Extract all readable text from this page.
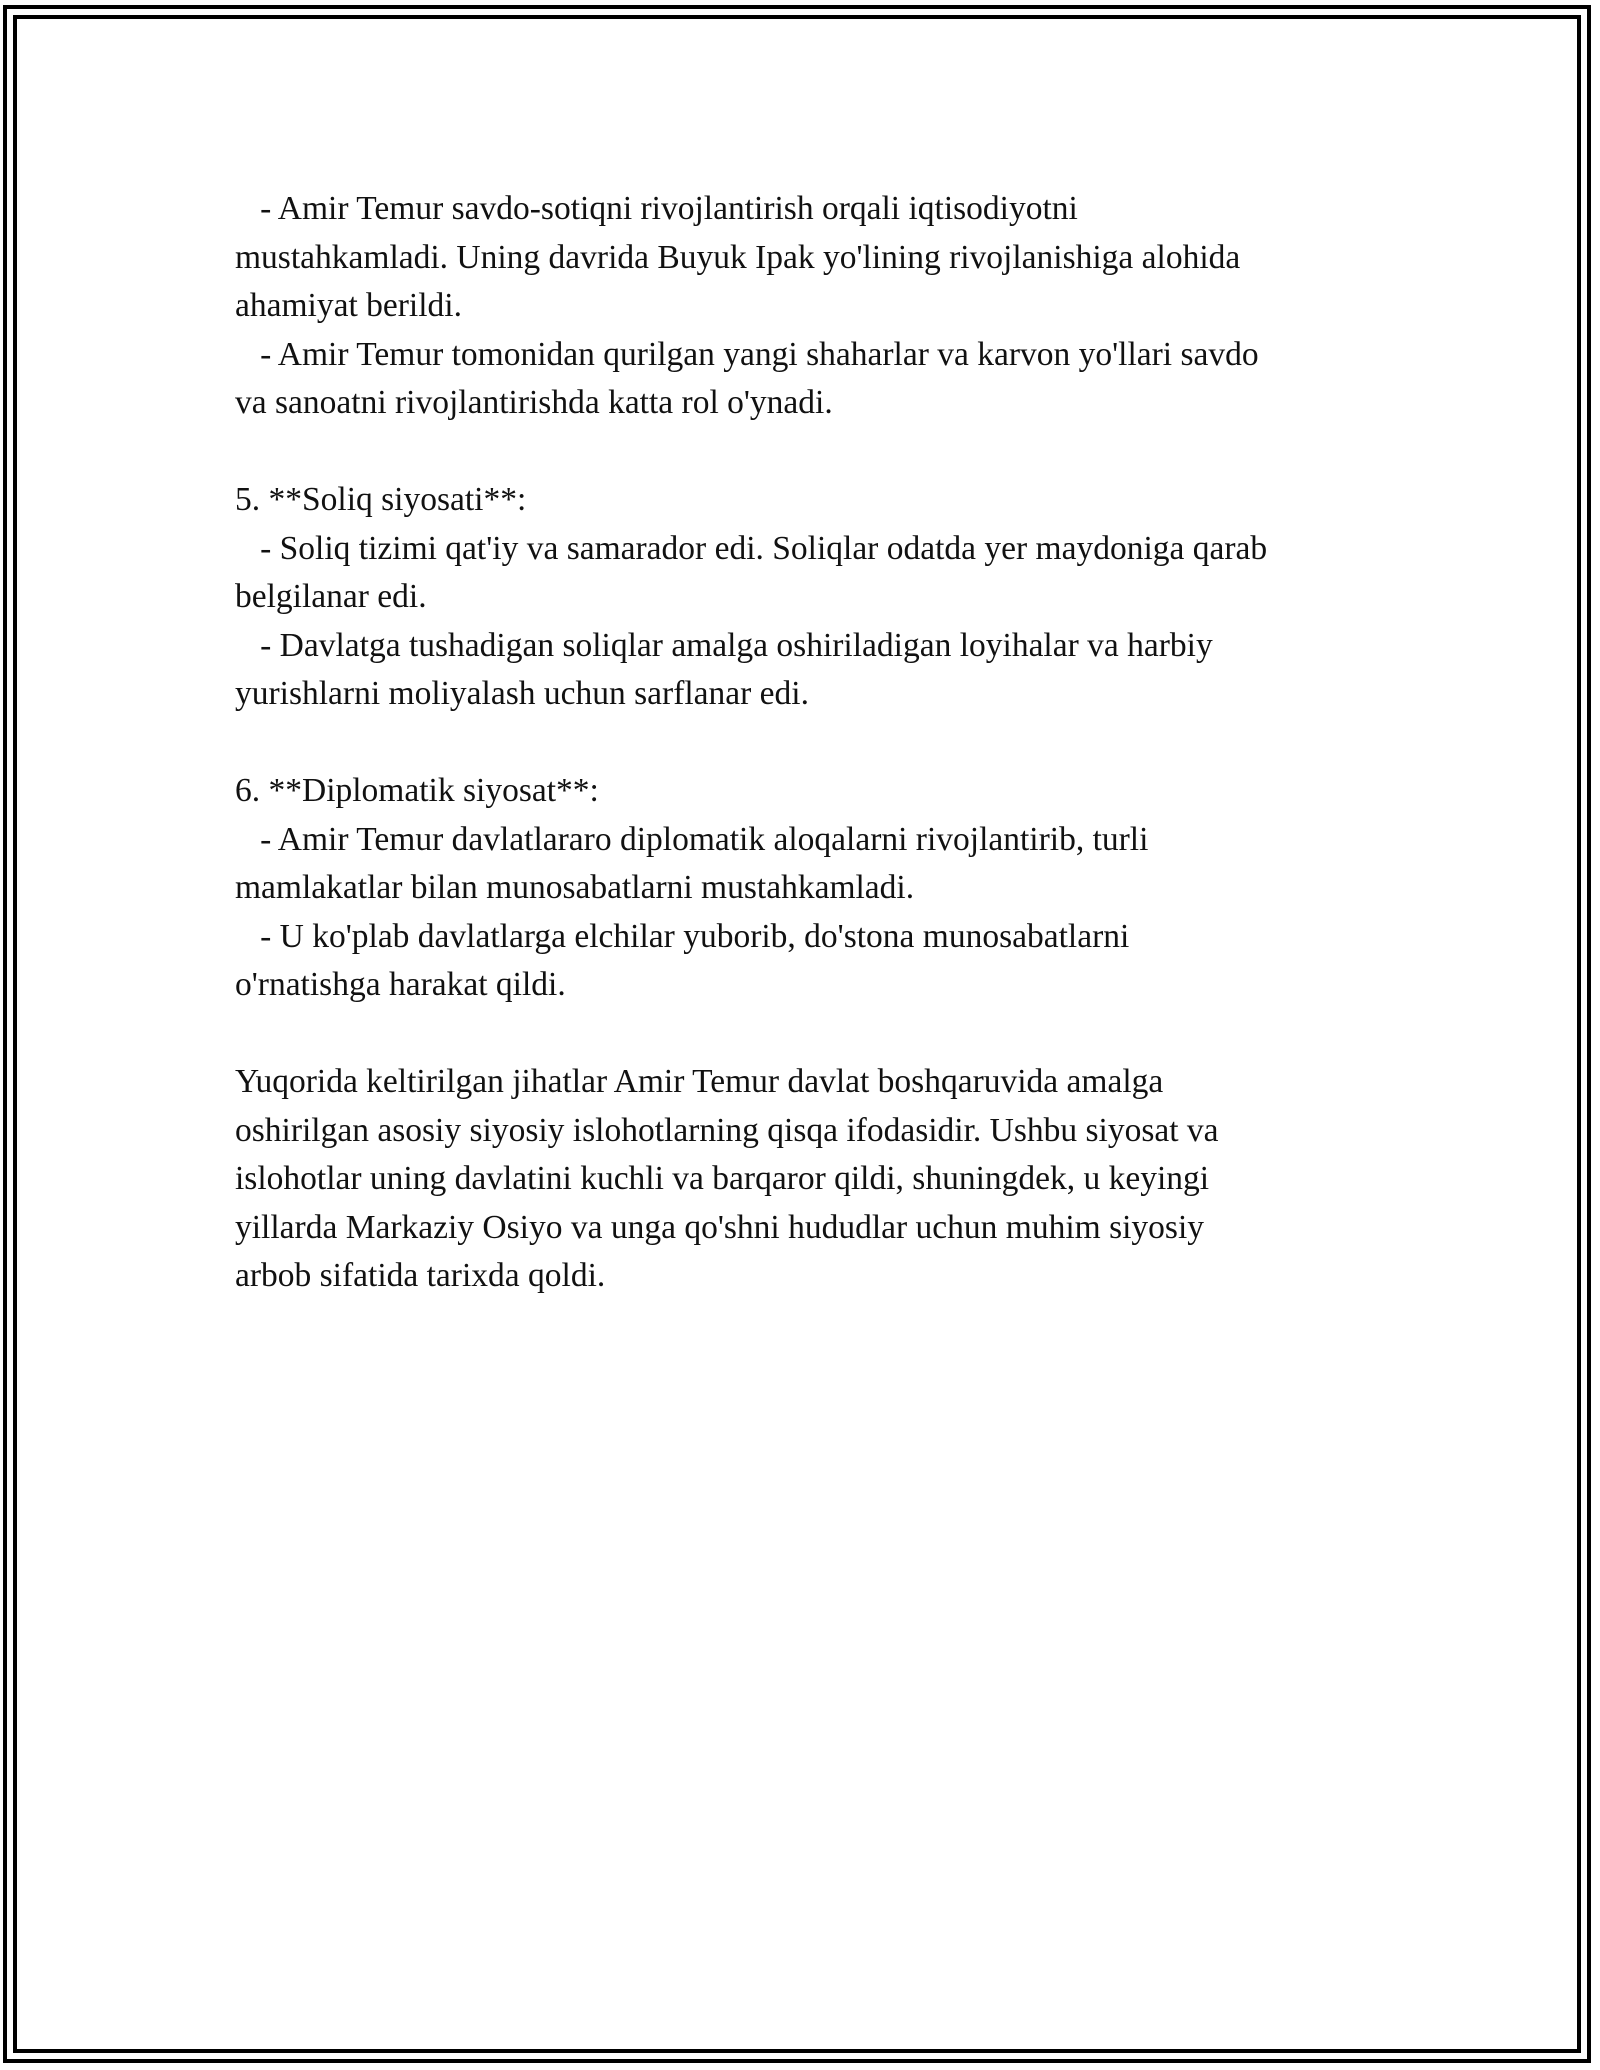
- Amir Temur savdo-sotiqni rivojlantirish orqali iqtisodiyotni

mustahkamladi. Uning davrida Buyuk Ipak yo'lining rivojlanishiga alohida

ahamiyat berildi.

- Amir Temur tomonidan qurilgan yangi shaharlar va karvon yo'llari savdo

va sanoatni rivojlantirishda katta rol o'ynadi.

5. **Soliq siyosati**:

- Soliq tizimi qat'iy va samarador edi. Soliqlar odatda yer maydoniga qarab

belgilanar edi.

- Davlatga tushadigan soliqlar amalga oshiriladigan loyihalar va harbiy

yurishlarni moliyalash uchun sarflanar edi.

6. **Diplomatik siyosat**:

- Amir Temur davlatlararo diplomatik aloqalarni rivojlantirib, turli

mamlakatlar bilan munosabatlarni mustahkamladi.

- U ko'plab davlatlarga elchilar yuborib, do'stona munosabatlarni

o'rnatishga harakat qildi.

Yuqorida keltirilgan jihatlar Amir Temur davlat boshqaruvida amalga

oshirilgan asosiy siyosiy islohotlarning qisqa ifodasidir. Ushbu siyosat va

islohotlar uning davlatini kuchli va barqaror qildi, shuningdek, u keyingi

yillarda Markaziy Osiyo va unga qo'shni hududlar uchun muhim siyosiy

arbob sifatida tarixda qoldi.
